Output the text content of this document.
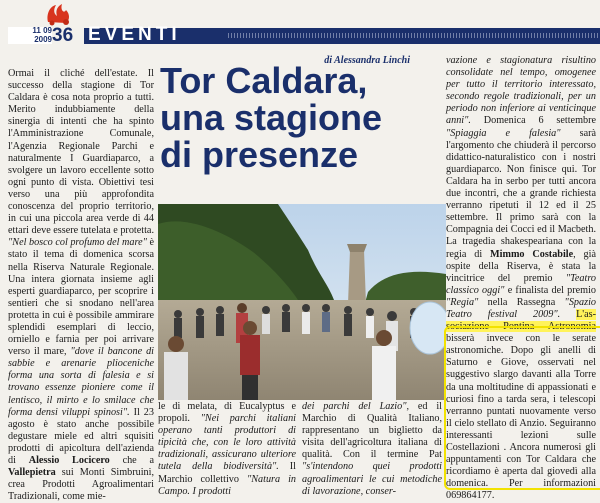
11 09
2009 36 EVENTI
di Alessandra Linchi

Ormai il cliché dell'estate. Il successo della stagione di Tor Caldara è cosa nota proprio a tutti. Merito indubbiamente della sinergia di intenti che ha spinto l'Amministrazione Comunale, l'Agenzia Regionale Parchi e naturalmente I Guardiaparco, a svolgere un lavoro eccellente sotto ogni punto di vista. Obiettivi tesi verso una più approfondita conoscenza del proprio territorio, in cui una piccola area verde di 44 ettari deve essere tutelata e protetta. "Nel bosco col profumo del mare" è stato il tema di domenica scorsa nella Riserva Naturale Regionale. Una intera giornata insieme agli esperti guardiaparco, per scoprire i sentieri che si snodano nell'area protetta in cui è possibile ammirare splendidi esemplari di leccio, orniello e farnia per poi arrivare verso il mare, "dove il bancone di sabbie e arenarie plioceniche forma una sorta di falesia e si trovano essenze pioniere come il lentisco, il mirto e lo smilace che forma densi viluppi spinosi". Il 23 agosto è stato anche possibile degustare miele ed altri squisiti prodotti di apicoltura dell'azienda di Alessio Locicero che a Vallepietra sui Monti Simbruini, crea Prodotti Agroalimentari Tradizionali, come mie-

Tor Caldara,
una stagione
di presenze

le di melata, di Eucalyptus e propoli. "Nei parchi italiani operano tanti produttori di tipicità che, con le loro attività tradizionali, assicurano ulteriore tutela della biodiversità". Il Marchio collettivo "Natura in Campo. I prodotti

dei parchi del Lazio", ed il Marchio di Qualità Italiano, rappresentano un biglietto da visita dell'agricoltura italiana di qualità. Con il termine Pat "s'intendono quei prodotti agroalimentari le cui metodiche di lavorazione, conser-

vazione e stagionatura risultino consolidate nel tempo, omogenee per tutto il territorio interessato, secondo regole tradizionali, per un periodo non inferiore ai venticinque anni". Domenica 6 settembre "Spiaggia e falesia" sarà l'argomento che chiuderà il percorso didattico-naturalistico con i nostri guardiaparco. Non finisce qui. Tor Caldara ha in serbo per tutti ancora due incontri, che a grande richiesta verranno ripetuti il 12 ed il 25 settembre. Il primo sarà con la Compagnia dei Cocci ed il Macbeth. La tragedia shakespeariana con la regia di Mimmo Costabile, già ospite della Riserva, è stata la vincitrice del premio "Teatro classico oggi" e finalista del premio "Regia" nella Rassegna "Spazio Teatro festival 2009". L'as- sociazione Pontina Astronomia bisserà invece con le serate astronomiche. Dopo gli anelli di Saturno e Giove, osservati nel suggestivo slargo davanti alla Torre da una moltitudine di appassionati e curiosi fino a tarda sera, i telescopi verranno puntati nuovamente verso il cielo stellato di Anzio. Seguiranno interessanti lezioni sulle Costellazioni . Ancora numerosi gli appuntamenti con Tor Caldara che ricordiamo è aperta dal giovedì alla domenica. Per informazioni 069864177.
